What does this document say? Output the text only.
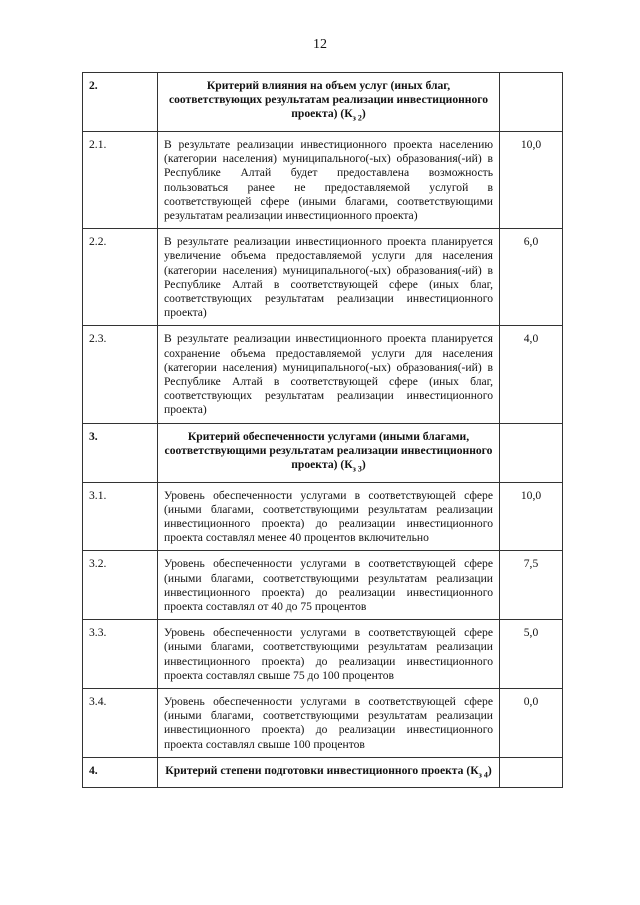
12
2.	Критерий влияния на объем услуг (иных благ, соответствующих результатам реализации инвестиционного проекта) $(К_{з 2})$	
2.1.	В результате реализации инвестиционного проекта населению (категории населения) муниципального(-ых) образования(-ий) в Республике Алтай будет предоставлена возможность пользоваться ранее не предоставляемой услугой в соответствующей сфере (иными благами, соответствующими результатам реализации инвестиционного проекта)	10,0
2.2.	В результате реализации инвестиционного проекта планируется увеличение объема предоставляемой услуги для населения (категории населения) муниципального(-ых) образования(-ий) в Республике Алтай в соответствующей сфере (иных благ, соответствующих результатам реализации инвестиционного проекта)	6,0
2.3.	В результате реализации инвестиционного проекта планируется сохранение объема предоставляемой услуги для населения (категории населения) муниципального(-ых) образования(-ий) в Республике Алтай в соответствующей сфере (иных благ, соответствующих результатам реализации инвестиционного проекта)	4,0
3.	Критерий обеспеченности услугами (иными благами, соответствующими результатам реализации инвестиционного проекта) $(К_{з 3})$	
3.1.	Уровень обеспеченности услугами в соответствующей сфере (иными благами, соответствующими результатам реализации инвестиционного проекта) до реализации инвестиционного проекта составлял менее 40 процентов включительно	10,0
3.2.	Уровень обеспеченности услугами в соответствующей сфере (иными благами, соответствующими результатам реализации инвестиционного проекта) до реализации инвестиционного проекта составлял от 40 до 75 процентов	7,5
3.3.	Уровень обеспеченности услугами в соответствующей сфере (иными благами, соответствующими результатам реализации инвестиционного проекта) до реализации инвестиционного проекта составлял свыше 75 до 100 процентов	5,0
3.4.	Уровень обеспеченности услугами в соответствующей сфере (иными благами, соответствующими результатам реализации инвестиционного проекта) до реализации инвестиционного проекта составлял свыше 100 процентов	0,0
4.	Критерий степени подготовки инвестиционного проекта $(К_{з 4})$	
